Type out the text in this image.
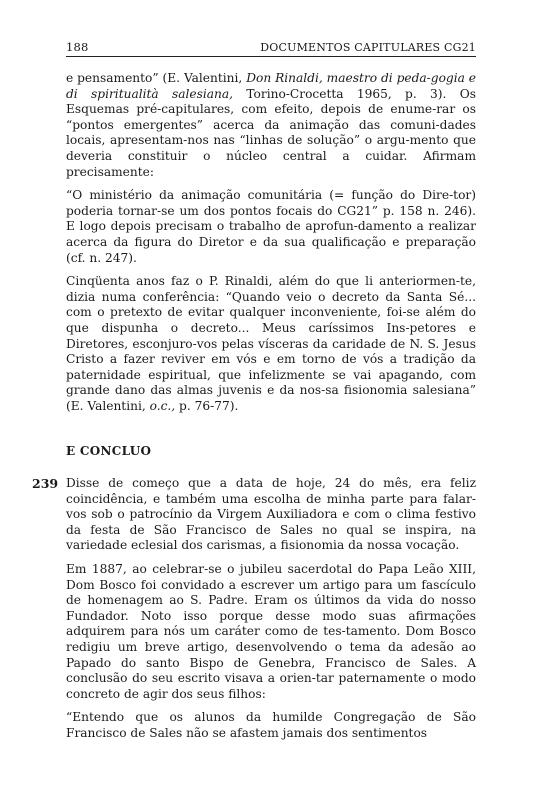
188	DOCUMENTOS CAPITULARES CG21

e pensamento” (E. Valentini, Don Rinaldi, maestro di peda-gogia e di spiritualità salesiana, Torino-Crocetta 1965, p. 3). Os Esquemas pré-capitulares, com efeito, depois de enume-rar os “pontos emergentes” acerca da animação das comuni-dades locais, apresentam-nos nas “linhas de solução” o argu-mento que deveria constituir o núcleo central a cuidar. Afirmam precisamente:

“O ministério da animação comunitária (= função do Dire-tor) poderia tornar-se um dos pontos focais do CG21” p. 158 n. 246). E logo depois precisam o trabalho de aprofun-damento a realizar acerca da figura do Diretor e da sua qualificação e preparação (cf. n. 247).

Cinqüenta anos faz o P. Rinaldi, além do que li anteriormen-te, dizia numa conferência: “Quando veio o decreto da Santa Sé... com o pretexto de evitar qualquer inconveniente, foi-se além do que dispunha o decreto... Meus caríssimos Ins-petores e Diretores, esconjuro-vos pelas vísceras da caridade de N. S. Jesus Cristo a fazer reviver em vós e em torno de vós a tradição da paternidade espiritual, que infelizmente se vai apagando, com grande dano das almas juvenis e da nos-sa fisionomia salesiana” (E. Valentini, o.c., p. 76-77).

E CONCLUO

239 Disse de começo que a data de hoje, 24 do mês, era feliz coincidência, e também uma escolha de minha parte para falar-vos sob o patrocínio da Virgem Auxiliadora e com o clima festivo da festa de São Francisco de Sales no qual se inspira, na variedade eclesial dos carismas, a fisionomia da nossa vocação.

Em 1887, ao celebrar-se o jubileu sacerdotal do Papa Leão XIII, Dom Bosco foi convidado a escrever um artigo para um fascículo de homenagem ao S. Padre. Eram os últimos da vida do nosso Fundador. Noto isso porque desse modo suas afirmações adquirem para nós um caráter como de tes-tamento. Dom Bosco redigiu um breve artigo, desenvolvendo o tema da adesão ao Papado do santo Bispo de Genebra, Francisco de Sales. A conclusão do seu escrito visava a orien-tar paternamente o modo concreto de agir dos seus filhos:

“Entendo que os alunos da humilde Congregação de São Francisco de Sales não se afastem jamais dos sentimentos
